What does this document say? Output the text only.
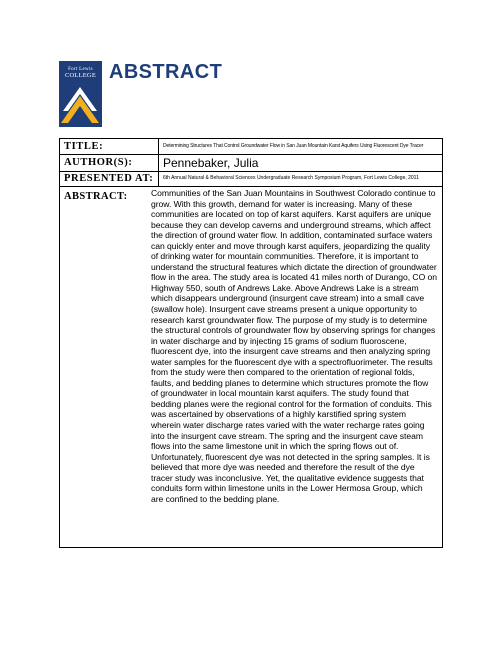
Fort Lewis
COLLEGE ABSTRACT
TITLE:	Determining Structures That Control Groundwater Flow in San Juan Mountain Karst Aquifers Using Fluorescent Dye Tracer
AUTHOR(S):	Pennebaker, Julia
PRESENTED AT: 6th Annual Natural & Behavioral Sciences Undergraduate Research Symposium Program, Fort Lewis College, 2011
ABSTRACT:	Communities of the San Juan Mountains in Southwest Colorado continue to grow. With this growth, demand for water is increasing. Many of these communities are located on top of karst aquifers. Karst aquifers are unique because they can develop caverns and underground streams, which affect the direction of ground water flow. In addition, contaminated surface waters can quickly enter and move through karst aquifers, jeopardizing the quality of drinking water for mountain communities. Therefore, it is important to understand the structural features which dictate the direction of groundwater flow in the area. The study area is located 41 miles north of Durango, CO on Highway 550, south of Andrews Lake. Above Andrews Lake is a stream which disappears underground (insurgent cave stream) into a small cave (swallow hole). Insurgent cave streams present a unique opportunity to research karst groundwater flow. The purpose of my study is to determine the structural controls of groundwater flow by observing springs for changes in water discharge and by injecting 15 grams of sodium fluoroscene, fluorescent dye, into the insurgent cave streams and then analyzing spring water samples for the fluorescent dye with a spectrofluorimeter. The results from the study were then compared to the orientation of regional folds, faults, and bedding planes to determine which structures promote the flow of groundwater in local mountain karst aquifers. The study found that bedding planes were the regional control for the formation of conduits. This was ascertained by observations of a highly karstified spring system wherein water discharge rates varied with the water recharge rates going into the insurgent cave stream. The spring and the insurgent cave steam flows into the same limestone unit in which the spring flows out of. Unfortunately, fluorescent dye was not detected in the spring samples. It is believed that more dye was needed and therefore the result of the dye tracer study was inconclusive. Yet, the qualitative evidence suggests that conduits form within limestone units in the Lower Hermosa Group, which are confined to the bedding plane.
